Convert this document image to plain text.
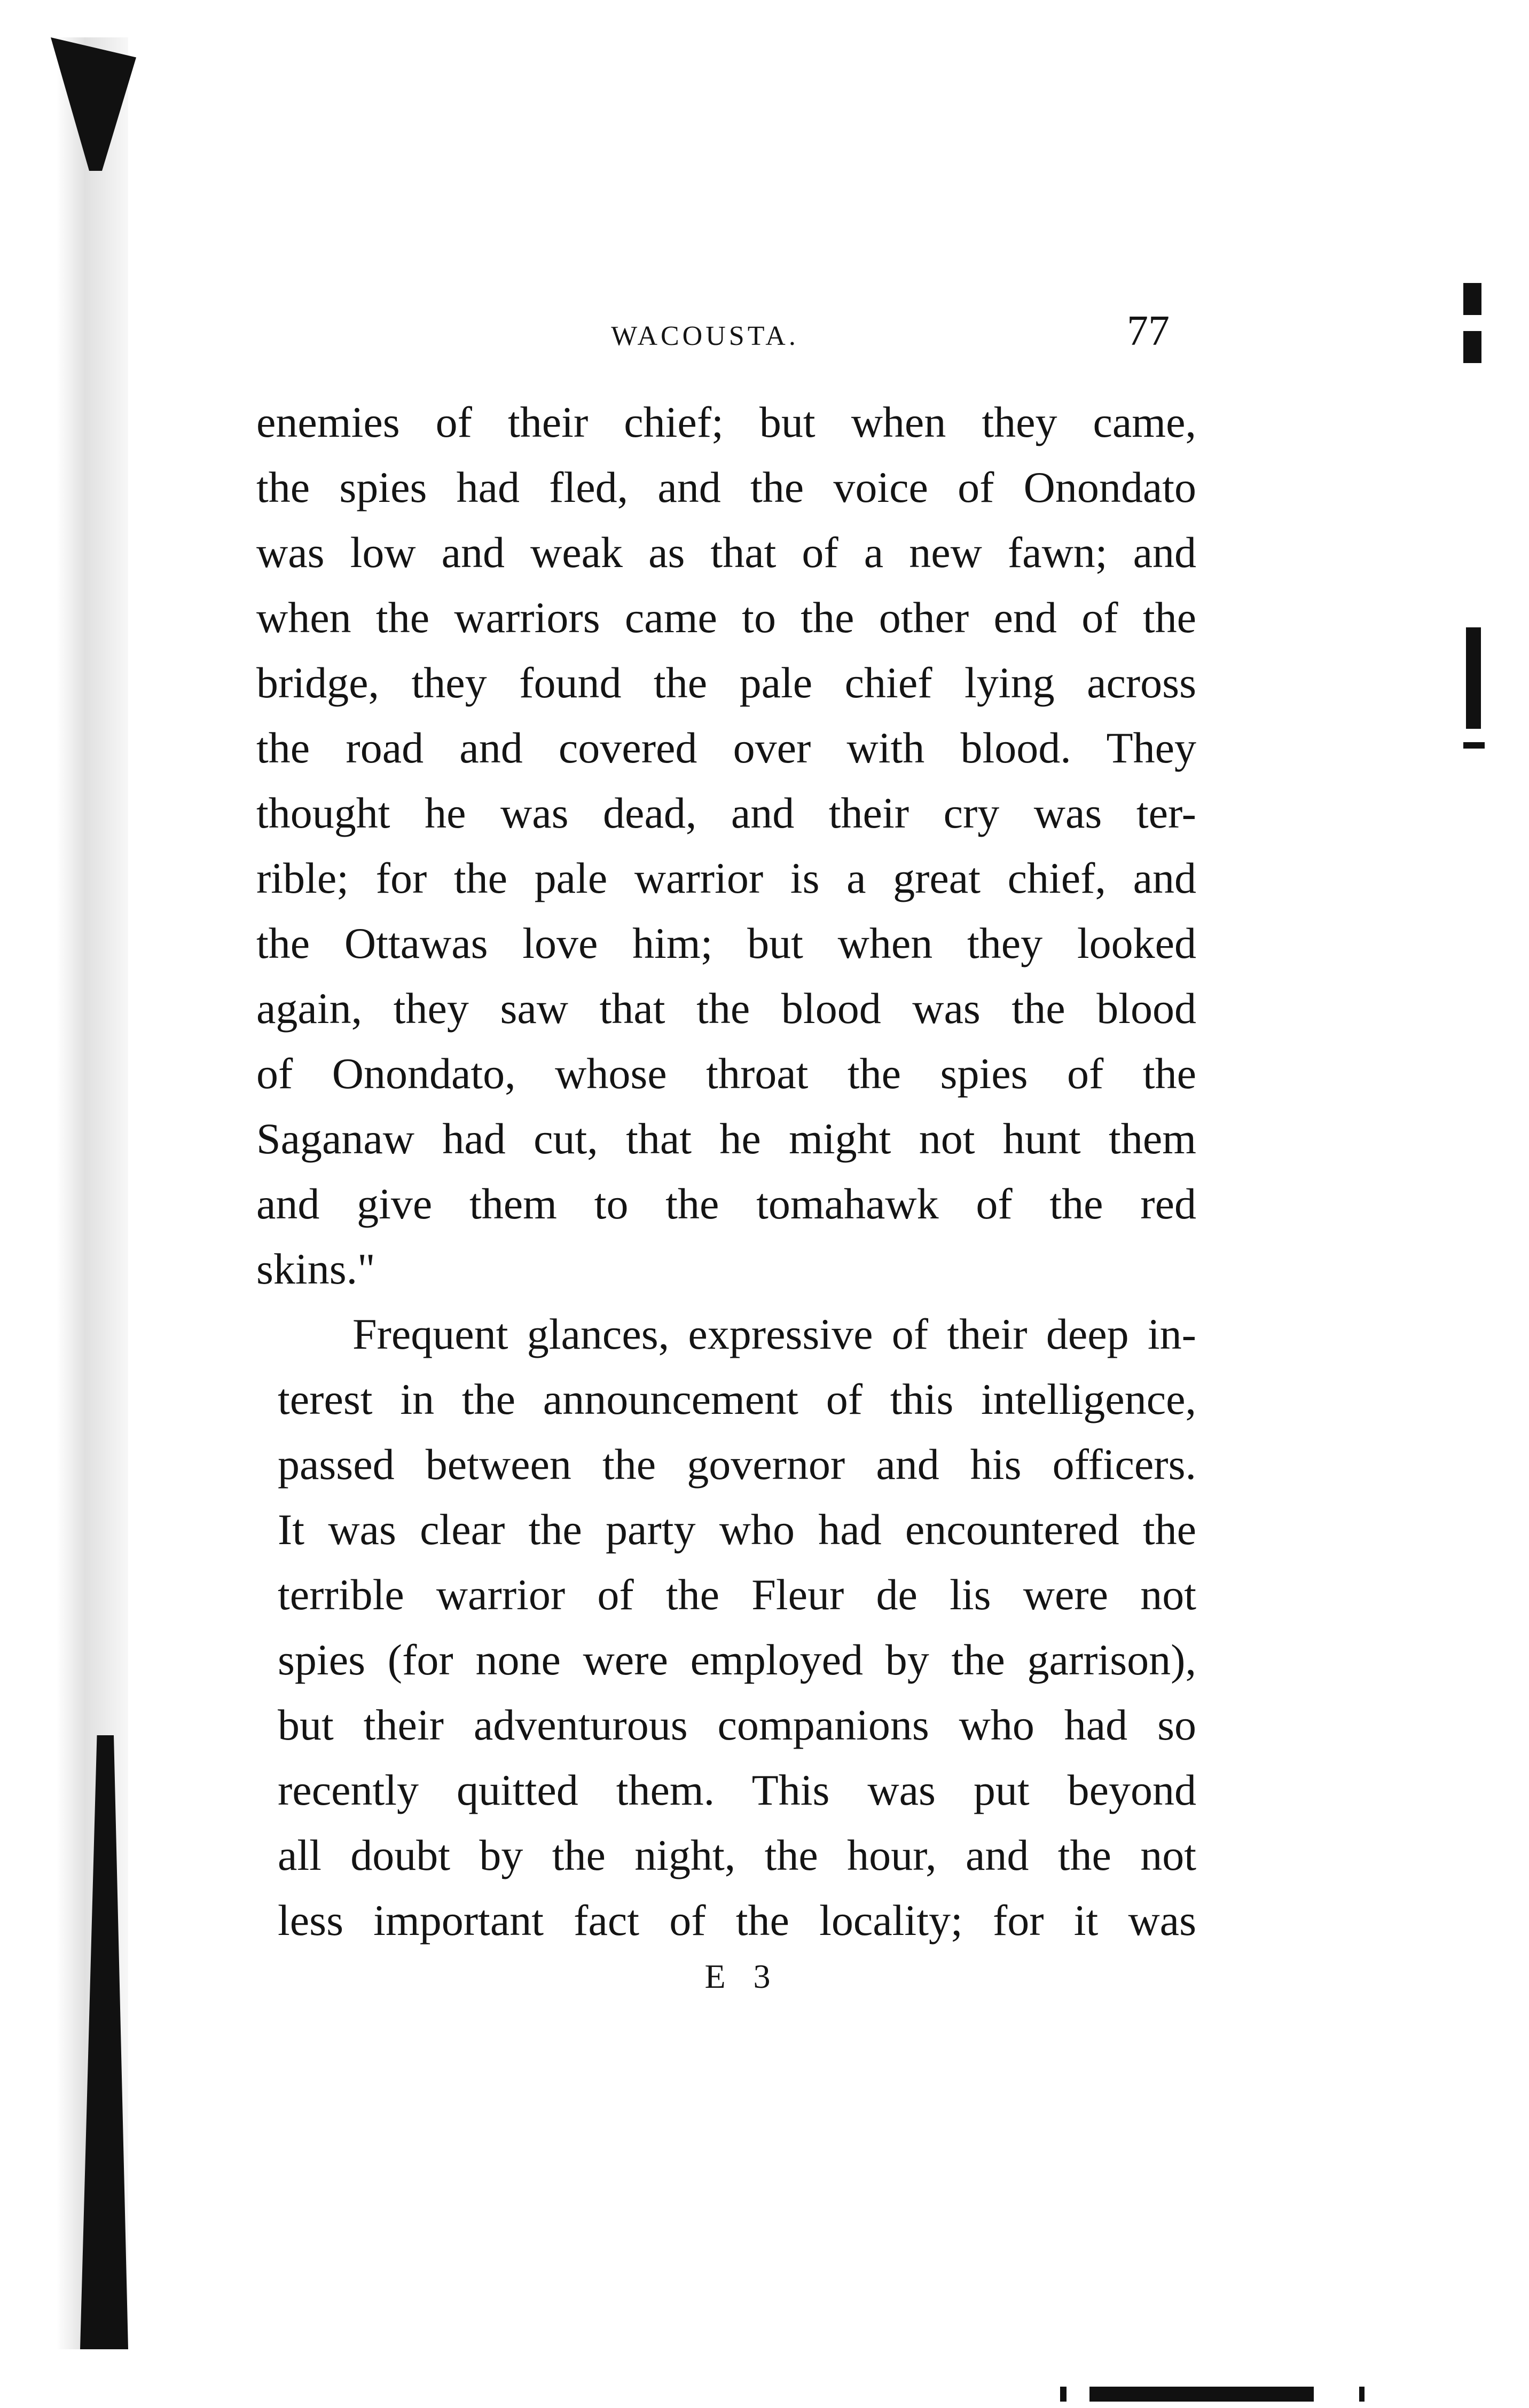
WACOUSTA.	77
enemies of their chief; but when they came,
the spies had fled, and the voice of Onondato
was low and weak as that of a new fawn; and
when the warriors came to the other end of the
bridge, they found the pale chief lying across
the road and covered over with blood. They
thought he was dead, and their cry was ter-
rible; for the pale warrior is a great chief, and
the Ottawas love him; but when they looked
again, they saw that the blood was the blood
of Onondato, whose throat the spies of the
Saganaw had cut, that he might not hunt them
and give them to the tomahawk of the red
skins."
Frequent glances, expressive of their deep in-
terest in the announcement of this intelligence,
passed between the governor and his officers.
It was clear the party who had encountered the
terrible warrior of the Fleur de lis were not
spies (for none were employed by the garrison),
but their adventurous companions who had so
recently quitted them. This was put beyond
all doubt by the night, the hour, and the not
less important fact of the locality; for it was
E 3
